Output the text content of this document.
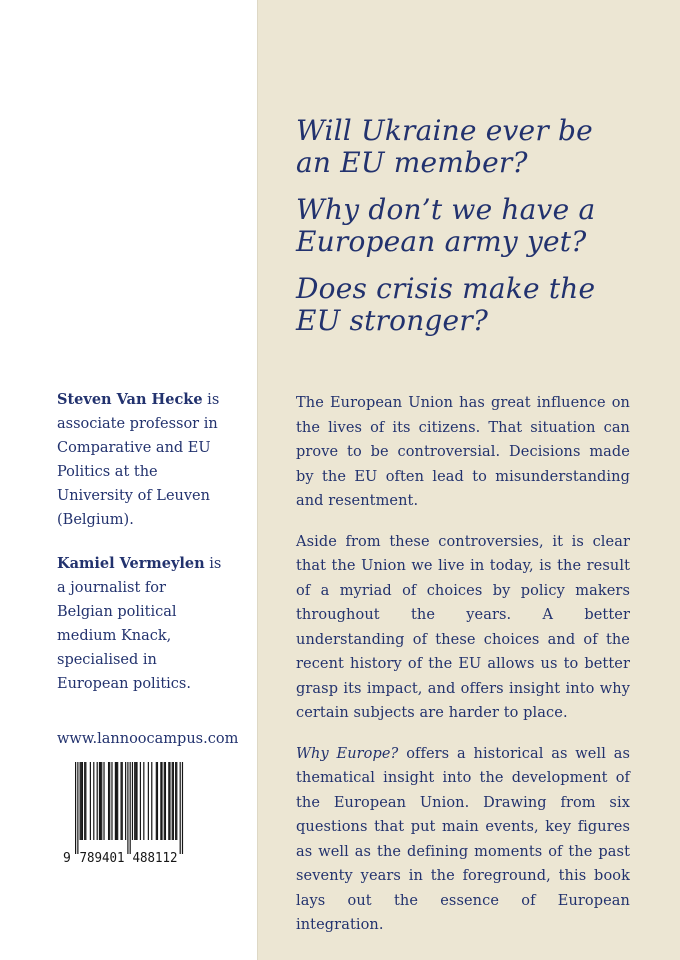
Will Ukraine ever be an EU member?

Why don’t we have a European army yet?

Does crisis make the EU stronger?

The European Union has great influence on the lives of its citizens. That situation can prove to be controversial. Decisions made by the EU often lead to misunderstanding and resentment.

Aside from these controversies, it is clear that the Union we live in today, is the result of a myriad of choices by policy makers throughout the years. A better understanding of these choices and of the recent history of the EU allows us to better grasp its impact, and offers insight into why certain subjects are harder to place.

Why Europe? offers a historical as well as thematical insight into the development of the European Union. Drawing from six questions that put main events, key figures as well as the defining moments of the past seventy years in the foreground, this book lays out the essence of European integration.

Steven Van Hecke is associate professor in Comparative and EU Politics at the University of Leuven (Belgium).

Kamiel Vermeylen is a journalist for Belgian political medium Knack, specialised in European politics.

www.lannoocampus.com

9 789401 488112
